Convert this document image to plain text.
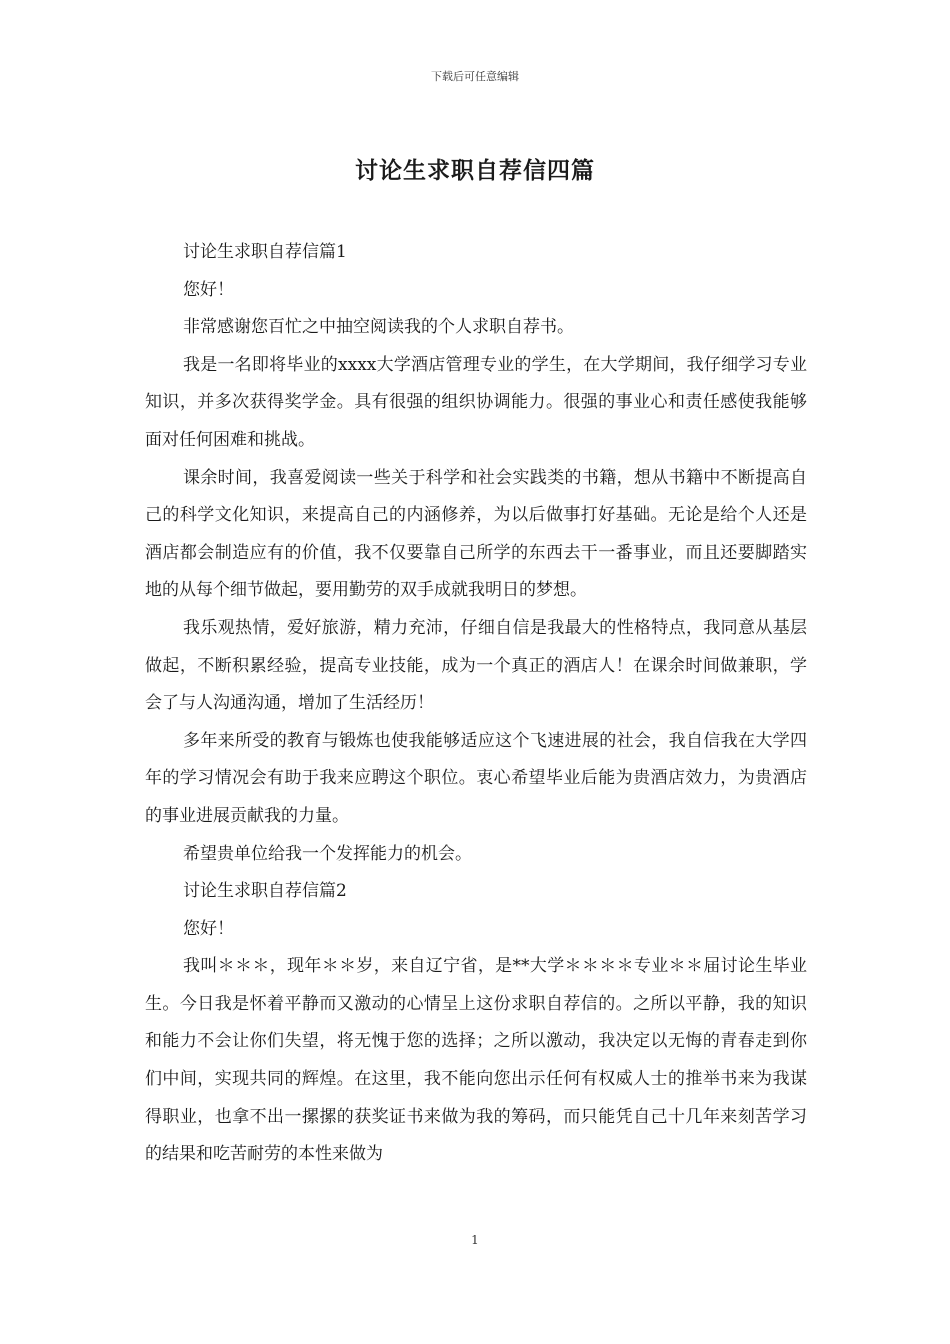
下载后可任意编辑
讨论生求职自荐信四篇

讨论生求职自荐信篇1

您好！

非常感谢您百忙之中抽空阅读我的个人求职自荐书。

我是一名即将毕业的xxxx大学酒店管理专业的学生，在大学期间，我仔细学习专业知识，并多次获得奖学金。具有很强的组织协调能力。很强的事业心和责任感使我能够面对任何困难和挑战。

课余时间，我喜爱阅读一些关于科学和社会实践类的书籍，想从书籍中不断提高自己的科学文化知识，来提高自己的内涵修养，为以后做事打好基础。无论是给个人还是酒店都会制造应有的价值，我不仅要靠自己所学的东西去干一番事业，而且还要脚踏实地的从每个细节做起，要用勤劳的双手成就我明日的梦想。

我乐观热情，爱好旅游，精力充沛，仔细自信是我最大的性格特点，我同意从基层做起，不断积累经验，提高专业技能，成为一个真正的酒店人！在课余时间做兼职，学会了与人沟通沟通，增加了生活经历！

多年来所受的教育与锻炼也使我能够适应这个飞速进展的社会，我自信我在大学四年的学习情况会有助于我来应聘这个职位。衷心希望毕业后能为贵酒店效力，为贵酒店的事业进展贡献我的力量。

希望贵单位给我一个发挥能力的机会。

讨论生求职自荐信篇2

您好！

我叫＊＊＊，现年＊＊岁，来自辽宁省，是**大学＊＊＊＊专业＊＊届讨论生毕业生。今日我是怀着平静而又激动的心情呈上这份求职自荐信的。之所以平静，我的知识和能力不会让你们失望，将无愧于您的选择；之所以激动，我决定以无悔的青春走到你们中间，实现共同的辉煌。在这里，我不能向您出示任何有权威人士的推举书来为我谋得职业，也拿不出一摞摞的获奖证书来做为我的筹码，而只能凭自己十几年来刻苦学习的结果和吃苦耐劳的本性来做为

1
